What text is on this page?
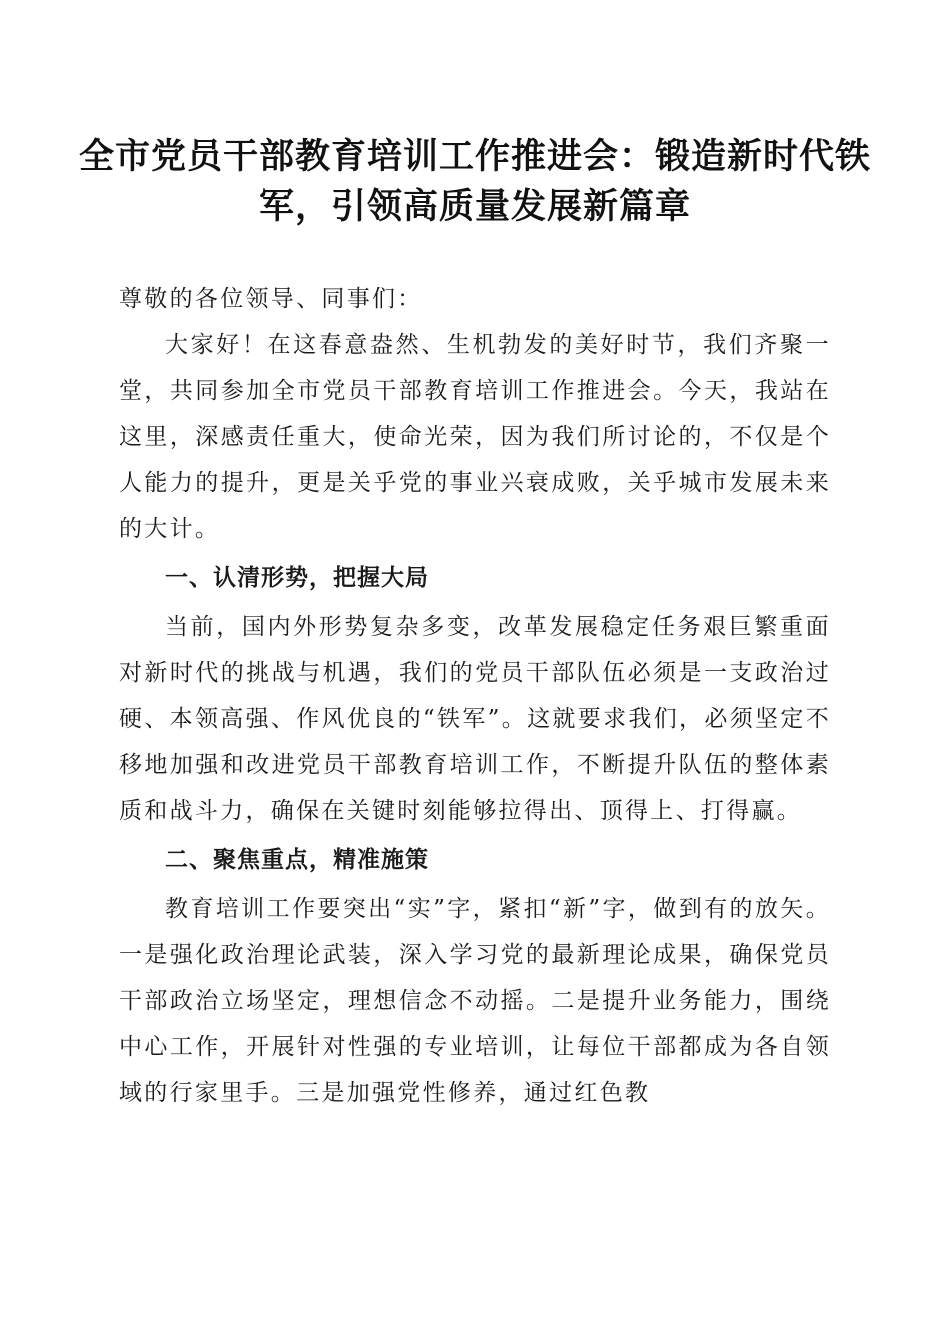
全市党员干部教育培训工作推进会：锻造新时代铁军，引领高质量发展新篇章

尊敬的各位领导、同事们：

大家好！在这春意盎然、生机勃发的美好时节，我们齐聚一堂，共同参加全市党员干部教育培训工作推进会。今天，我站在这里，深感责任重大，使命光荣，因为我们所讨论的，不仅是个人能力的提升，更是关乎党的事业兴衰成败，关乎城市发展未来的大计。

一、认清形势，把握大局

当前，国内外形势复杂多变，改革发展稳定任务艰巨繁重面对新时代的挑战与机遇，我们的党员干部队伍必须是一支政治过硬、本领高强、作风优良的“铁军”。这就要求我们，必须坚定不移地加强和改进党员干部教育培训工作，不断提升队伍的整体素质和战斗力，确保在关键时刻能够拉得出、顶得上、打得赢。

二、聚焦重点，精准施策

教育培训工作要突出“实”字，紧扣“新”字，做到有的放矢。一是强化政治理论武装，深入学习党的最新理论成果，确保党员干部政治立场坚定，理想信念不动摇。二是提升业务能力，围绕中心工作，开展针对性强的专业培训，让每位干部都成为各自领域的行家里手。三是加强党性修养，通过红色教
